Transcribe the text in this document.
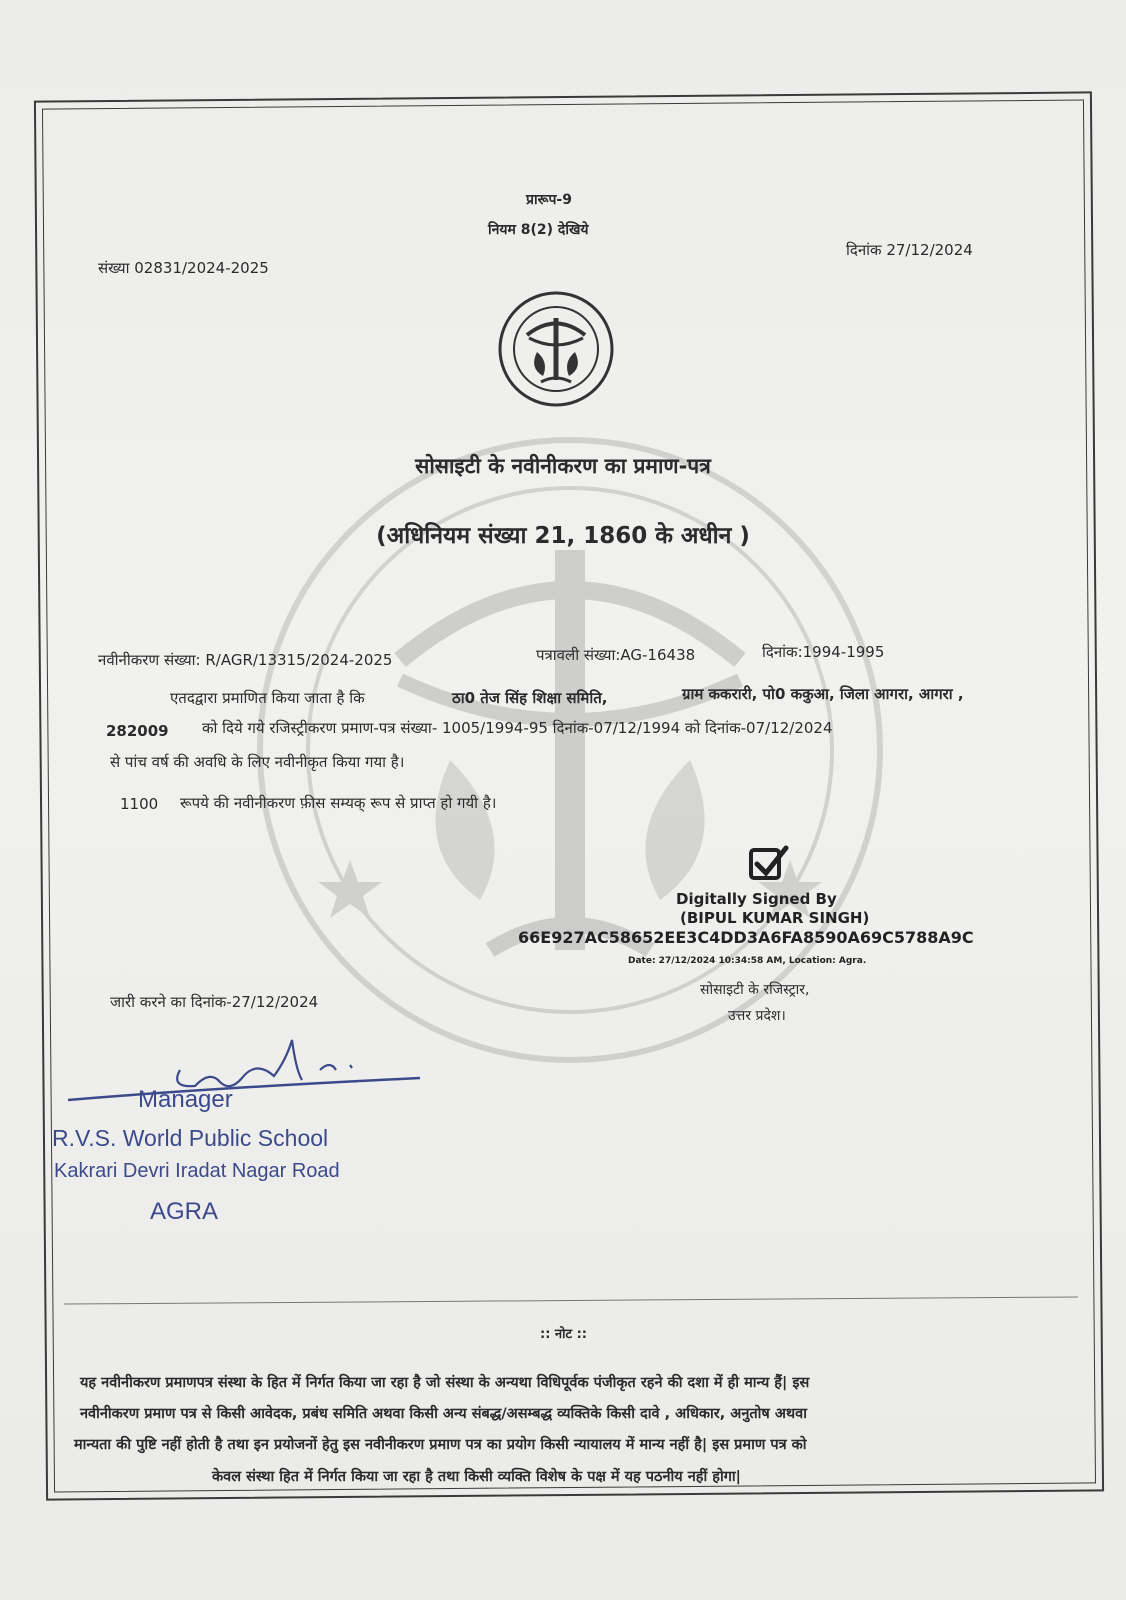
प्रारूप-9
नियम 8(2) देखिये
संख्या 02831/2024-2025
दिनांक 27/12/2024
सोसाइटी के नवीनीकरण का प्रमाण-पत्र
(अधिनियम संख्या 21, 1860 के अधीन )
नवीनीकरण संख्या: R/AGR/13315/2024-2025	पत्रावली संख्या:AG-16438	दिनांक:1994-1995
एतदद्वारा प्रमाणित किया जाता है कि	ठा0 तेज सिंह शिक्षा समिति,	ग्राम ककरारी, पो0 ककुआ, जिला आगरा, आगरा ,
282009 को दिये गये रजिस्ट्रीकरण प्रमाण-पत्र संख्या- 1005/1994-95 दिनांक-07/12/1994 को दिनांक-07/12/2024
से पांच वर्ष की अवधि के लिए नवीनीकृत किया गया है।
1100 रूपये की नवीनीकरण फ़ीस सम्यक् रूप से प्राप्त हो गयी है।
Digitally Signed By
(BIPUL KUMAR SINGH)
66E927AC58652EE3C4DD3A6FA8590A69C5788A9C
Date: 27/12/2024 10:34:58 AM, Location: Agra.
सोसाइटी के रजिस्ट्रार,
उत्तर प्रदेश।
जारी करने का दिनांक-27/12/2024
Manager
R.V.S. World Public School
Kakrari Devri Iradat Nagar Road
AGRA
:: नोट ::
यह नवीनीकरण प्रमाणपत्र संस्था के हित में निर्गत किया जा रहा है जो संस्था के अन्यथा विधिपूर्वक पंजीकृत रहने की दशा में ही मान्य हैं| इस
नवीनीकरण प्रमाण पत्र से किसी आवेदक, प्रबंध समिति अथवा किसी अन्य संबद्ध/असम्बद्ध व्यक्तिके किसी दावे , अधिकार, अनुतोष अथवा
मान्यता की पुष्टि नहीं होती है तथा इन प्रयोजनों हेतु इस नवीनीकरण प्रमाण पत्र का प्रयोग किसी न्यायालय में मान्य नहीं है| इस प्रमाण पत्र को
केवल संस्था हित में निर्गत किया जा रहा है तथा किसी व्यक्ति विशेष के पक्ष में यह पठनीय नहीं होगा|
